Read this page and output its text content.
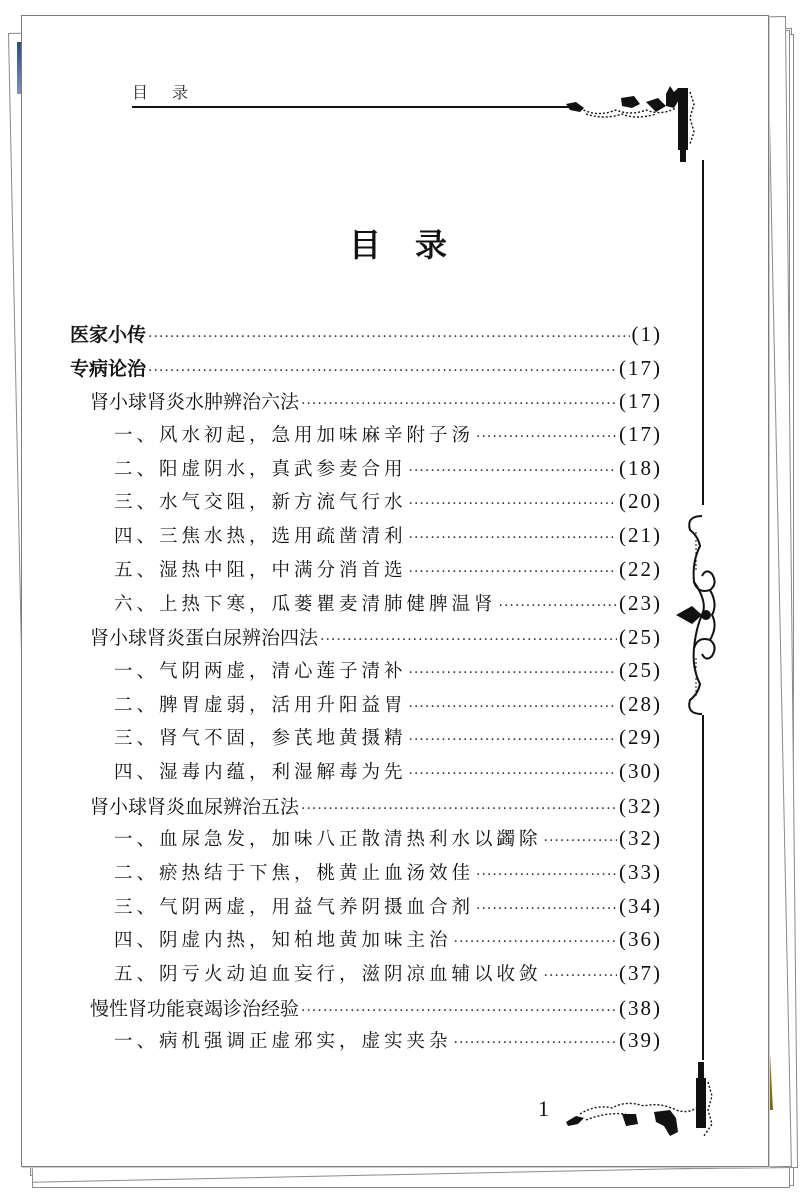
目录
目录
医家小传 ·····	(1)
专病论治 ·····	(17)
肾小球肾炎水肿辨治六法 ·····	(17)
一、风水初起，急用加味麻辛附子汤 ·····	(17)
二、阳虚阴水，真武参麦合用 ·····	(18)
三、水气交阻，新方流气行水 ·····	(20)
四、三焦水热，选用疏凿清利 ·····	(21)
五、湿热中阻，中满分消首选 ·····	(22)
六、上热下寒，瓜蒌瞿麦清肺健脾温肾 ·····	(23)
肾小球肾炎蛋白尿辨治四法 ·····	(25)
一、气阴两虚，清心莲子清补 ·····	(25)
二、脾胃虚弱，活用升阳益胃 ·····	(28)
三、肾气不固，参芪地黄摄精 ·····	(29)
四、湿毒内蕴，利湿解毒为先 ·····	(30)
肾小球肾炎血尿辨治五法 ·····	(32)
一、血尿急发，加味八正散清热利水以蠲除 ·····	(32)
二、瘀热结于下焦，桃黄止血汤效佳 ·····	(33)
三、气阴两虚，用益气养阴摄血合剂 ·····	(34)
四、阴虚内热，知柏地黄加味主治 ·····	(36)
五、阴亏火动迫血妄行，滋阴凉血辅以收敛 ·····	(37)
慢性肾功能衰竭诊治经验 ·····	(38)
一、病机强调正虚邪实，虚实夹杂 ·····	(39)
1
